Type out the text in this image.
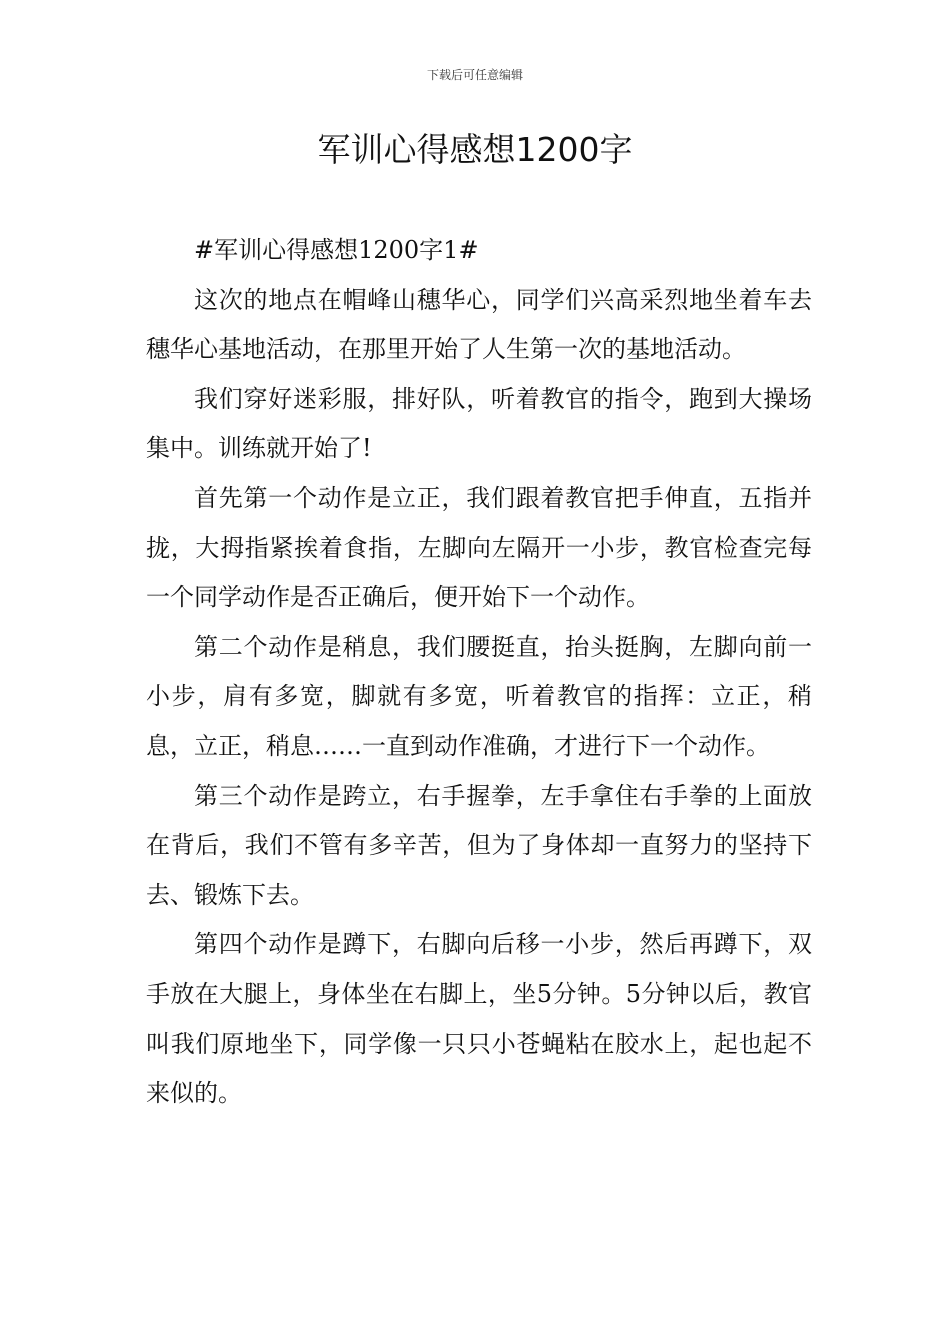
下载后可任意编辑
军训心得感想1200字

#军训心得感想1200字1#

这次的地点在帽峰山穗华心，同学们兴高采烈地坐着车去穗华心基地活动，在那里开始了人生第一次的基地活动。

我们穿好迷彩服，排好队，听着教官的指令，跑到大操场集中。训练就开始了!

首先第一个动作是立正，我们跟着教官把手伸直，五指并拢，大拇指紧挨着食指，左脚向左隔开一小步，教官检查完每一个同学动作是否正确后，便开始下一个动作。

第二个动作是稍息，我们腰挺直，抬头挺胸，左脚向前一小步，肩有多宽，脚就有多宽，听着教官的指挥：立正，稍息，立正，稍息……一直到动作准确，才进行下一个动作。

第三个动作是跨立，右手握拳，左手拿住右手拳的上面放在背后，我们不管有多辛苦，但为了身体却一直努力的坚持下去、锻炼下去。

第四个动作是蹲下，右脚向后移一小步，然后再蹲下，双手放在大腿上，身体坐在右脚上，坐5分钟。5分钟以后，教官叫我们原地坐下，同学像一只只小苍蝇粘在胶水上，起也起不来似的。
